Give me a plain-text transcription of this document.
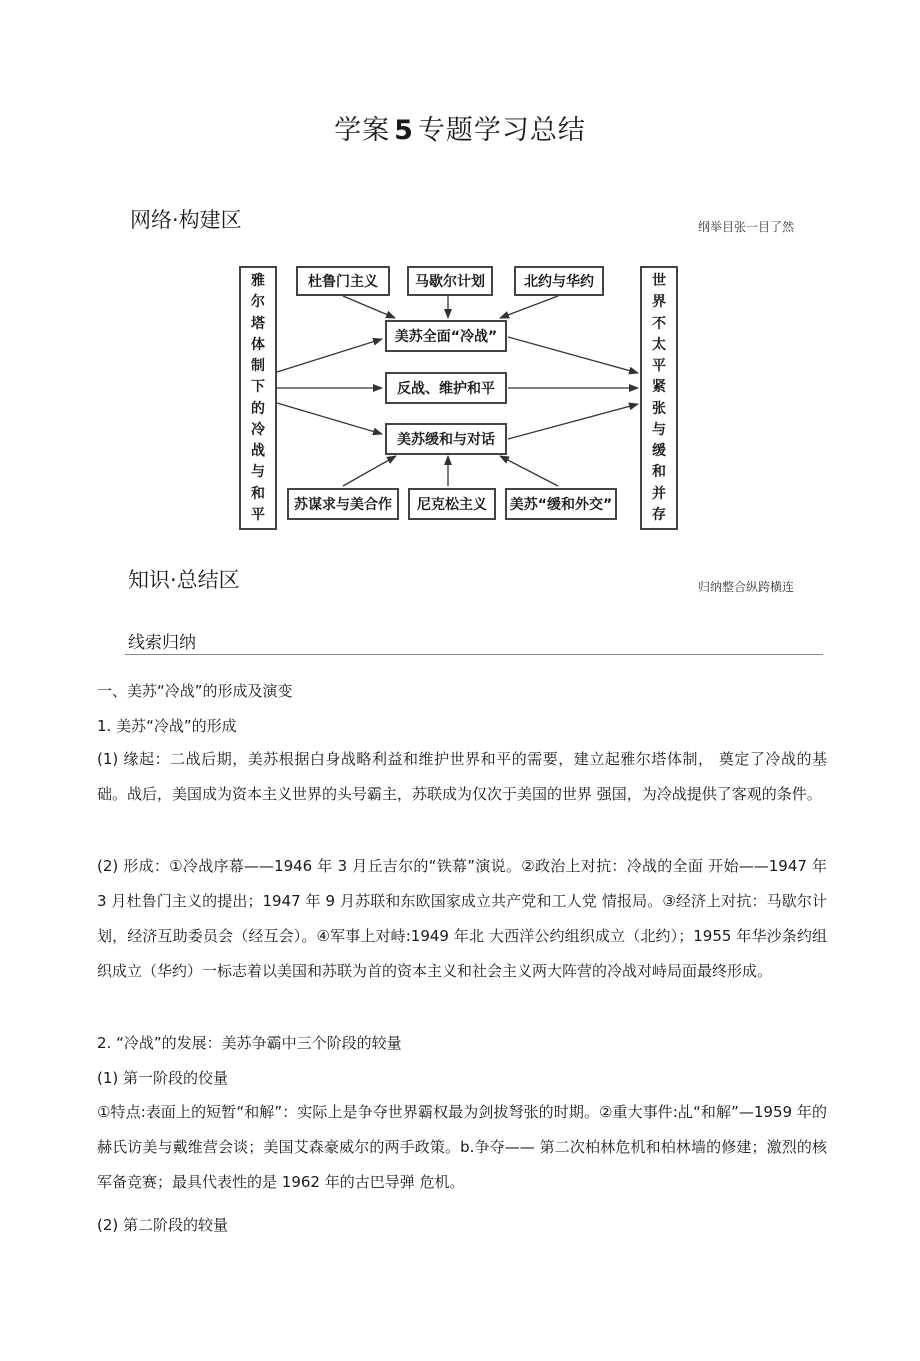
学案 5 专题学习总结
网络·构建区	纲举目张一目了然
雅
尔
塔
体
制
下
的
冷
战
与
和
平
世
界
不
太
平
紧
张
与
缓
和
并
存
杜鲁门主义	马歇尔计划	北约与华约
美苏全面“冷战”
反战、维护和平
美苏缓和与对话
苏谋求与美合作	尼克松主义	美苏“缓和外交”
知识·总结区	归纳整合纵跨横连
线索归纳
一、美苏“冷战”的形成及演变
1. 美苏“冷战”的形成
(1) 缘起：二战后期，美苏根据白身战略利益和维护世界和平的需要，建立起雅尔塔体制， 奠定了冷战的基础。战后，美国成为资本主义世界的头号霸主，苏联成为仅次于美国的世界 强国，为冷战提供了客观的条件。
(2) 形成：①冷战序幕——1946 年 3 月丘吉尔的“铁幕”演说。②政治上对抗：冷战的全面 开始——1947 年 3 月杜鲁门主义的提出；1947 年 9 月苏联和东欧国家成立共产党和工人党 情报局。③经济上对抗：马歇尔计划，经济互助委员会（经互会）。④军事上对峙:1949 年北 大西洋公约组织成立（北约）；1955 年华沙条约组织成立（华约）一标志着以美国和苏联为首的资本主义和社会主义两大阵营的冷战对峙局面最终形成。
2. “冷战”的发展：美苏争霸中三个阶段的较量
(1) 第一阶段的佼量
①特点:表面上的短暂“和解”：实际上是争夺世界霸权最为剑拔弩张的时期。②重大事件:乩“和解”—1959 年的赫氏访美与戴维营会谈；美国艾森豪威尔的两手政策。b.争夺—— 第二次柏林危机和柏林墙的修建；激烈的核军备竞赛；最具代表性的是 1962 年的古巴导弹 危机。
(2) 第二阶段的较量
